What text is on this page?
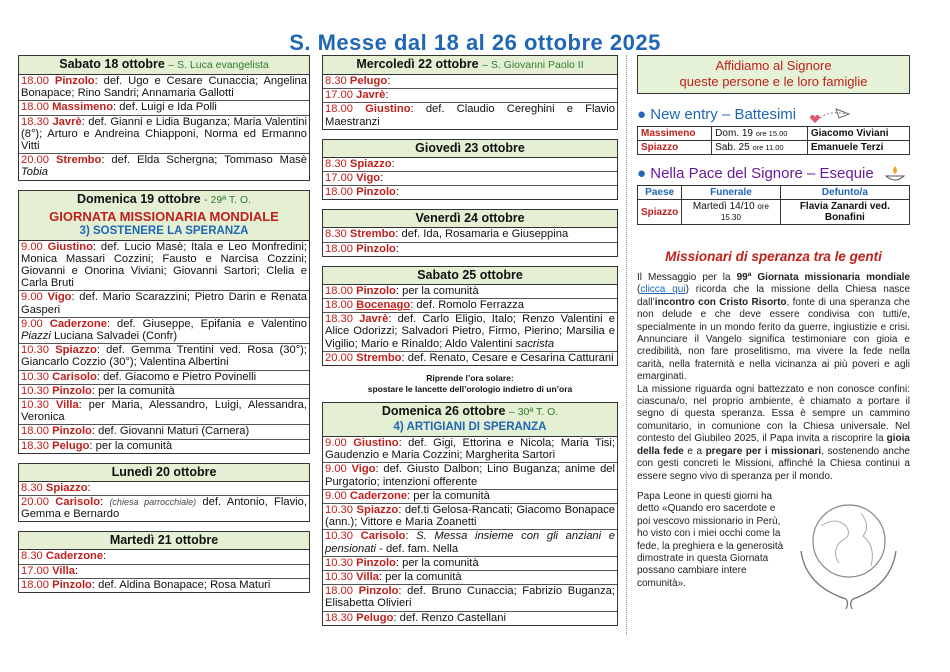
S. Messe dal 18 al 26 ottobre 2025
Sabato 18 ottobre – S. Luca evangelista
18.00 Pinzolo: def. Ugo e Cesare Cunaccia; Angelina Bonapace; Rino Sandri; Annamaria Gallotti
18.00 Massimeno: def. Luigi e Ida Polli
18.30 Javrè: def. Gianni e Lidia Buganza; Maria Valentini (8°); Arturo e Andreina Chiapponi, Norma ed Ermanno Vitti
20.00 Strembo: def. Elda Schergna; Tommaso Masè Tobia
Domenica 19 ottobre - 29ª T. O.
GIORNATA MISSIONARIA MONDIALE
3) SOSTENERE LA SPERANZA
9.00 Giustino: def. Lucio Masè; Itala e Leo Monfredini; Monica Massari Cozzini; Fausto e Narcisa Cozzini; Giovanni e Onorina Viviani; Giovanni Sartori; Clelia e Carla Bruti
9.00 Vigo: def. Mario Scarazzini; Pietro Darin e Renata Gasperi
9.00 Caderzone: def. Giuseppe, Epifania e Valentino Piazzi Luciana Salvadei (Confr)
10.30 Spiazzo: def. Gemma Trentini ved. Rosa (30°); Giancarlo Cozzio (30°); Valentina Albertini
10.30 Carisolo: def. Giacomo e Pietro Povinelli
10.30 Pinzolo: per la comunità
10.30 Villa: per Maria, Alessandro, Luigi, Alessandra, Veronica
18.00 Pinzolo: def. Giovanni Maturi (Carnera)
18.30 Pelugo: per la comunità
Lunedì 20 ottobre
8.30 Spiazzo:
20.00 Carisolo: (chiesa parrocchiale) def. Antonio, Flavio, Gemma e Bernardo
Martedì 21 ottobre
8.30 Caderzone:
17.00 Villa:
18.00 Pinzolo: def. Aldina Bonapace; Rosa Maturi
Mercoledì 22 ottobre – S. Giovanni Paolo II
8.30 Pelugo:
17.00 Javrè:
18.00 Giustino: def. Claudio Cereghini e Flavio Maestranzi
Giovedì 23 ottobre
8.30 Spiazzo:
17.00 Vigo:
18.00 Pinzolo:
Venerdì 24 ottobre
8.30 Strembo: def. Ida, Rosamaria e Giuseppina
18.00 Pinzolo:
Sabato 25 ottobre
18.00 Pinzolo: per la comunità
18.00 Bocenago: def. Romolo Ferrazza
18.30 Javrè: def. Carlo Eligio, Italo; Renzo Valentini e Alice Odorizzi; Salvadori Pietro, Firmo, Pierino; Marsilia e Vigilio; Mario e Rinaldo; Aldo Valentini sacrista
20.00 Strembo: def. Renato, Cesare e Cesarina Catturani
Riprende l’ora solare:
spostare le lancette dell’orologio indietro di un’ora
Domenica 26 ottobre – 30ª T. O.
4) ARTIGIANI DI SPERANZA
9.00 Giustino: def. Gigi, Ettorina e Nicola; Maria Tisi; Gaudenzio e Maria Cozzini; Margherita Sartori
9.00 Vigo: def. Giusto Dalbon; Lino Buganza; anime del Purgatorio; intenzioni offerente
9.00 Caderzone: per la comunità
10.30 Spiazzo: def.ti Gelosa-Rancati; Giacomo Bonapace (ann.); Vittore e Maria Zoanetti
10.30 Carisolo: S. Messa insieme con gli anziani e pensionati - def. fam. Nella
10.30 Pinzolo: per la comunità
10.30 Villa: per la comunità
18.00 Pinzolo: def. Bruno Cunaccia; Fabrizio Buganza; Elisabetta Olivieri
18.30 Pelugo: def. Renzo Castellani
Affidiamo al Signore
queste persone e le loro famiglie
● New entry – Battesimi
Massimeno	Dom. 19 ore 15.00	Giacomo Viviani
Spiazzo	Sab. 25 ore 11.00	Emanuele Terzi
● Nella Pace del Signore – Esequie
Paese	Funerale	Defunto/a
Spiazzo	Martedì 14/10 ore 15.30	Flavia Zanardi ved. Bonafini
Missionari di speranza tra le genti
Il Messaggio per la 99ª Giornata missionaria mondiale (clicca qui) ricorda che la missione della Chiesa nasce dall’incontro con Cristo Risorto, fonte di una speranza che non delude e che deve essere condivisa con tutti/e, specialmente in un mondo ferito da guerre, ingiustizie e crisi. Annunciare il Vangelo significa testimoniare con gioia e credibilità, non fare proselitismo, ma vivere la fede nella carità, nella fraternità e nella vicinanza ai più poveri e agli emarginati.
La missione riguarda ogni battezzato e non conosce confini: ciascuna/o, nel proprio ambiente, è chiamato a portare il segno di questa speranza. Essa è sempre un cammino comunitario, in comunione con la Chiesa universale. Nel contesto del Giubileo 2025, il Papa invita a riscoprire la gioia della fede e a pregare per i missionari, sostenendo anche con gesti concreti le Missioni, affinché la Chiesa continui a essere segno vivo di speranza per il mondo.
Papa Leone in questi giorni ha detto «Quando ero sacerdote e poi vescovo missionario in Perù, ho visto con i miei occhi come la fede, la preghiera e la generosità dimostrate in questa Giornata possano cambiare intere comunità».
